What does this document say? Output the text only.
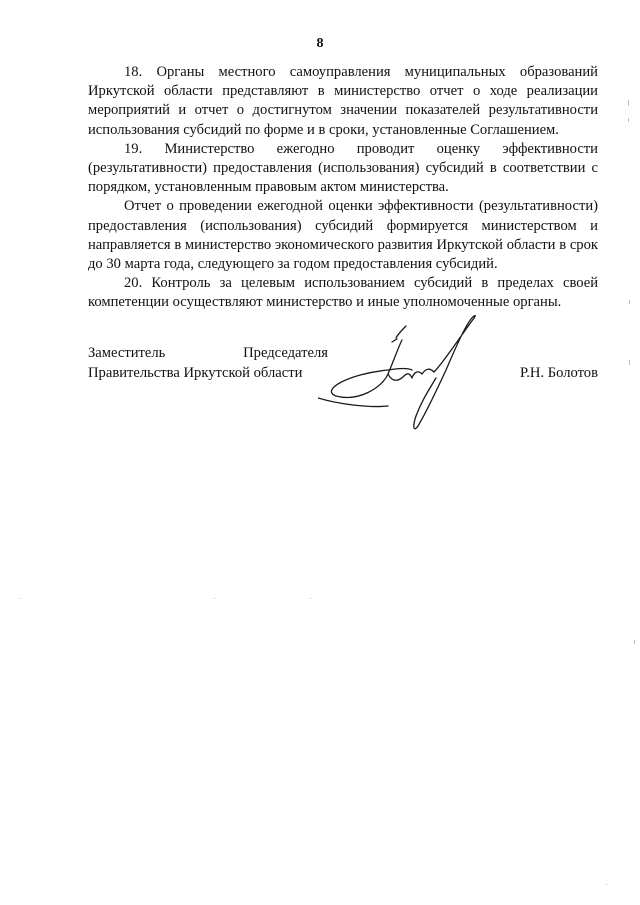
8

18. Органы местного самоуправления муниципальных образований Иркутской области представляют в министерство отчет о ходе реализации мероприятий и отчет о достигнутом значении показателей результативности использования субсидий по форме и в сроки, установленные Соглашением.

19. Министерство ежегодно проводит оценку эффективности (результативности) предоставления (использования) субсидий в соответствии с порядком, установленным правовым актом министерства.

Отчет о проведении ежегодной оценки эффективности (результативности) предоставления (использования) субсидий формируется министерством и направляется в министерство экономического развития Иркутской области в срок до 30 марта года, следующего за годом предоставления субсидий.

20. Контроль за целевым использованием субсидий в пределах своей компетенции осуществляют министерство и иные уполномоченные органы.

Заместитель	Председателя
Правительства Иркутской области	Р.Н. Болотов
